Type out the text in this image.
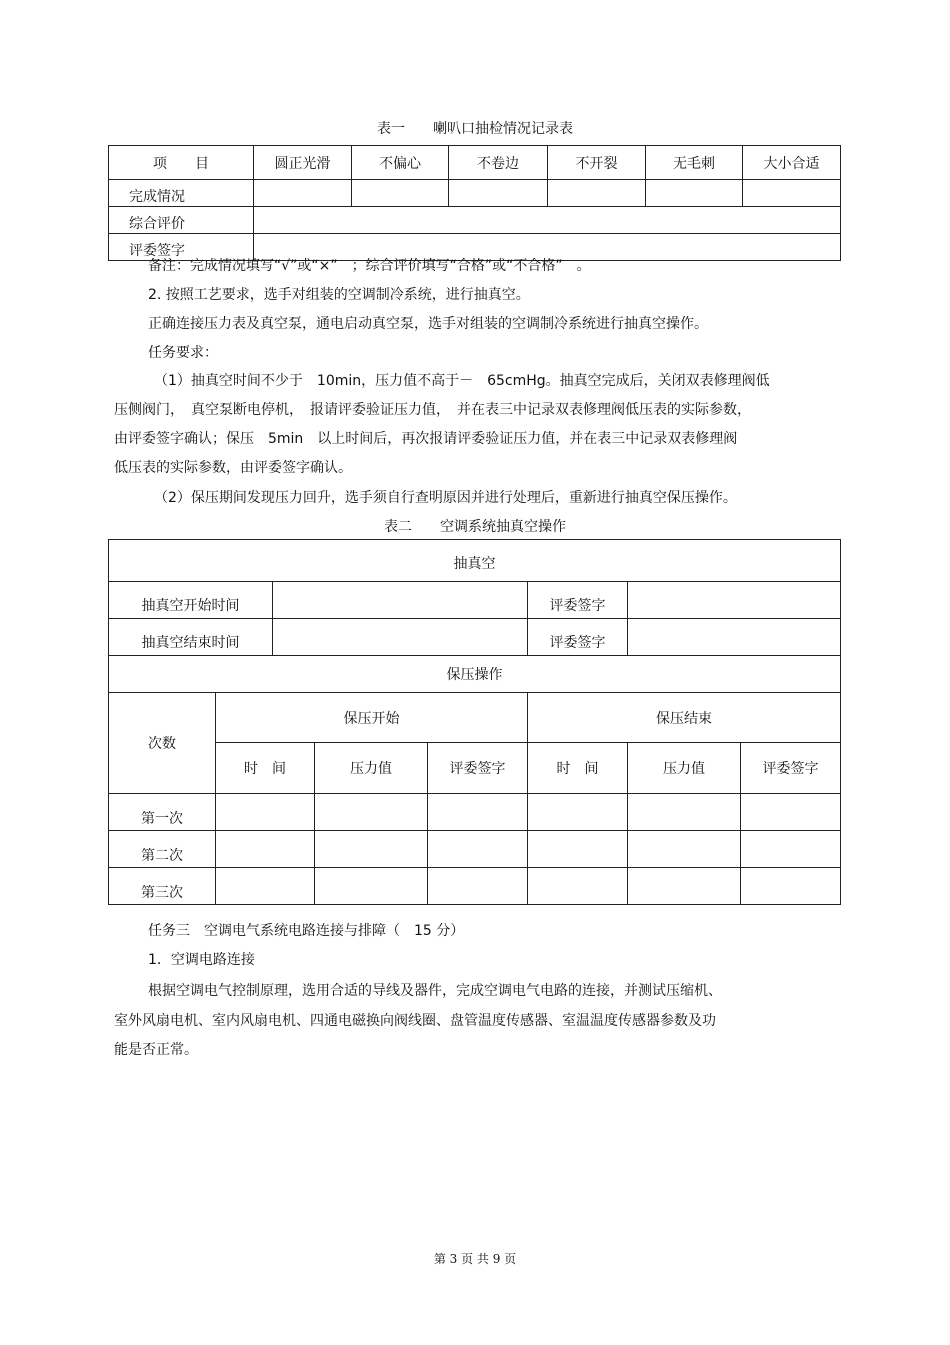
表一　　喇叭口抽检情况记录表
项　　目	圆正光滑	不偏心	不卷边	不开裂	无毛刺	大小合适
完成情况						
综合评价						
评委签字						
备注：完成情况填写“√”或“×”　；综合评价填写“合格”或“不合格”　。
2. 按照工艺要求，选手对组装的空调制冷系统，进行抽真空。
正确连接压力表及真空泵，通电启动真空泵，选手对组装的空调制冷系统进行抽真空操作。
任务要求：
（1）抽真空时间不少于　10min，压力值不高于－　65cmHg。抽真空完成后，关闭双表修理阀低
压侧阀门，　真空泵断电停机，　报请评委验证压力值，　并在表三中记录双表修理阀低压表的实际参数，
由评委签字确认；保压　5min　以上时间后，再次报请评委验证压力值，并在表三中记录双表修理阀
低压表的实际参数，由评委签字确认。
（2）保压期间发现压力回升，选手须自行查明原因并进行处理后，重新进行抽真空保压操作。
表二　　空调系统抽真空操作
抽真空							
抽真空开始时间					评委签字		
抽真空结束时间					评委签字		
保压操作							
次数	保压开始				保压结束		
	时　间		压力值	评委签字	时　间	压力值	评委签字
第一次							
第二次							
第三次							
任务三　空调电气系统电路连接与排障（　15 分）
1．空调电路连接
根据空调电气控制原理，选用合适的导线及器件，完成空调电气电路的连接，并测试压缩机、
室外风扇电机、室内风扇电机、四通电磁换向阀线圈、盘管温度传感器、室温温度传感器参数及功
能是否正常。
第 3 页 共 9 页
